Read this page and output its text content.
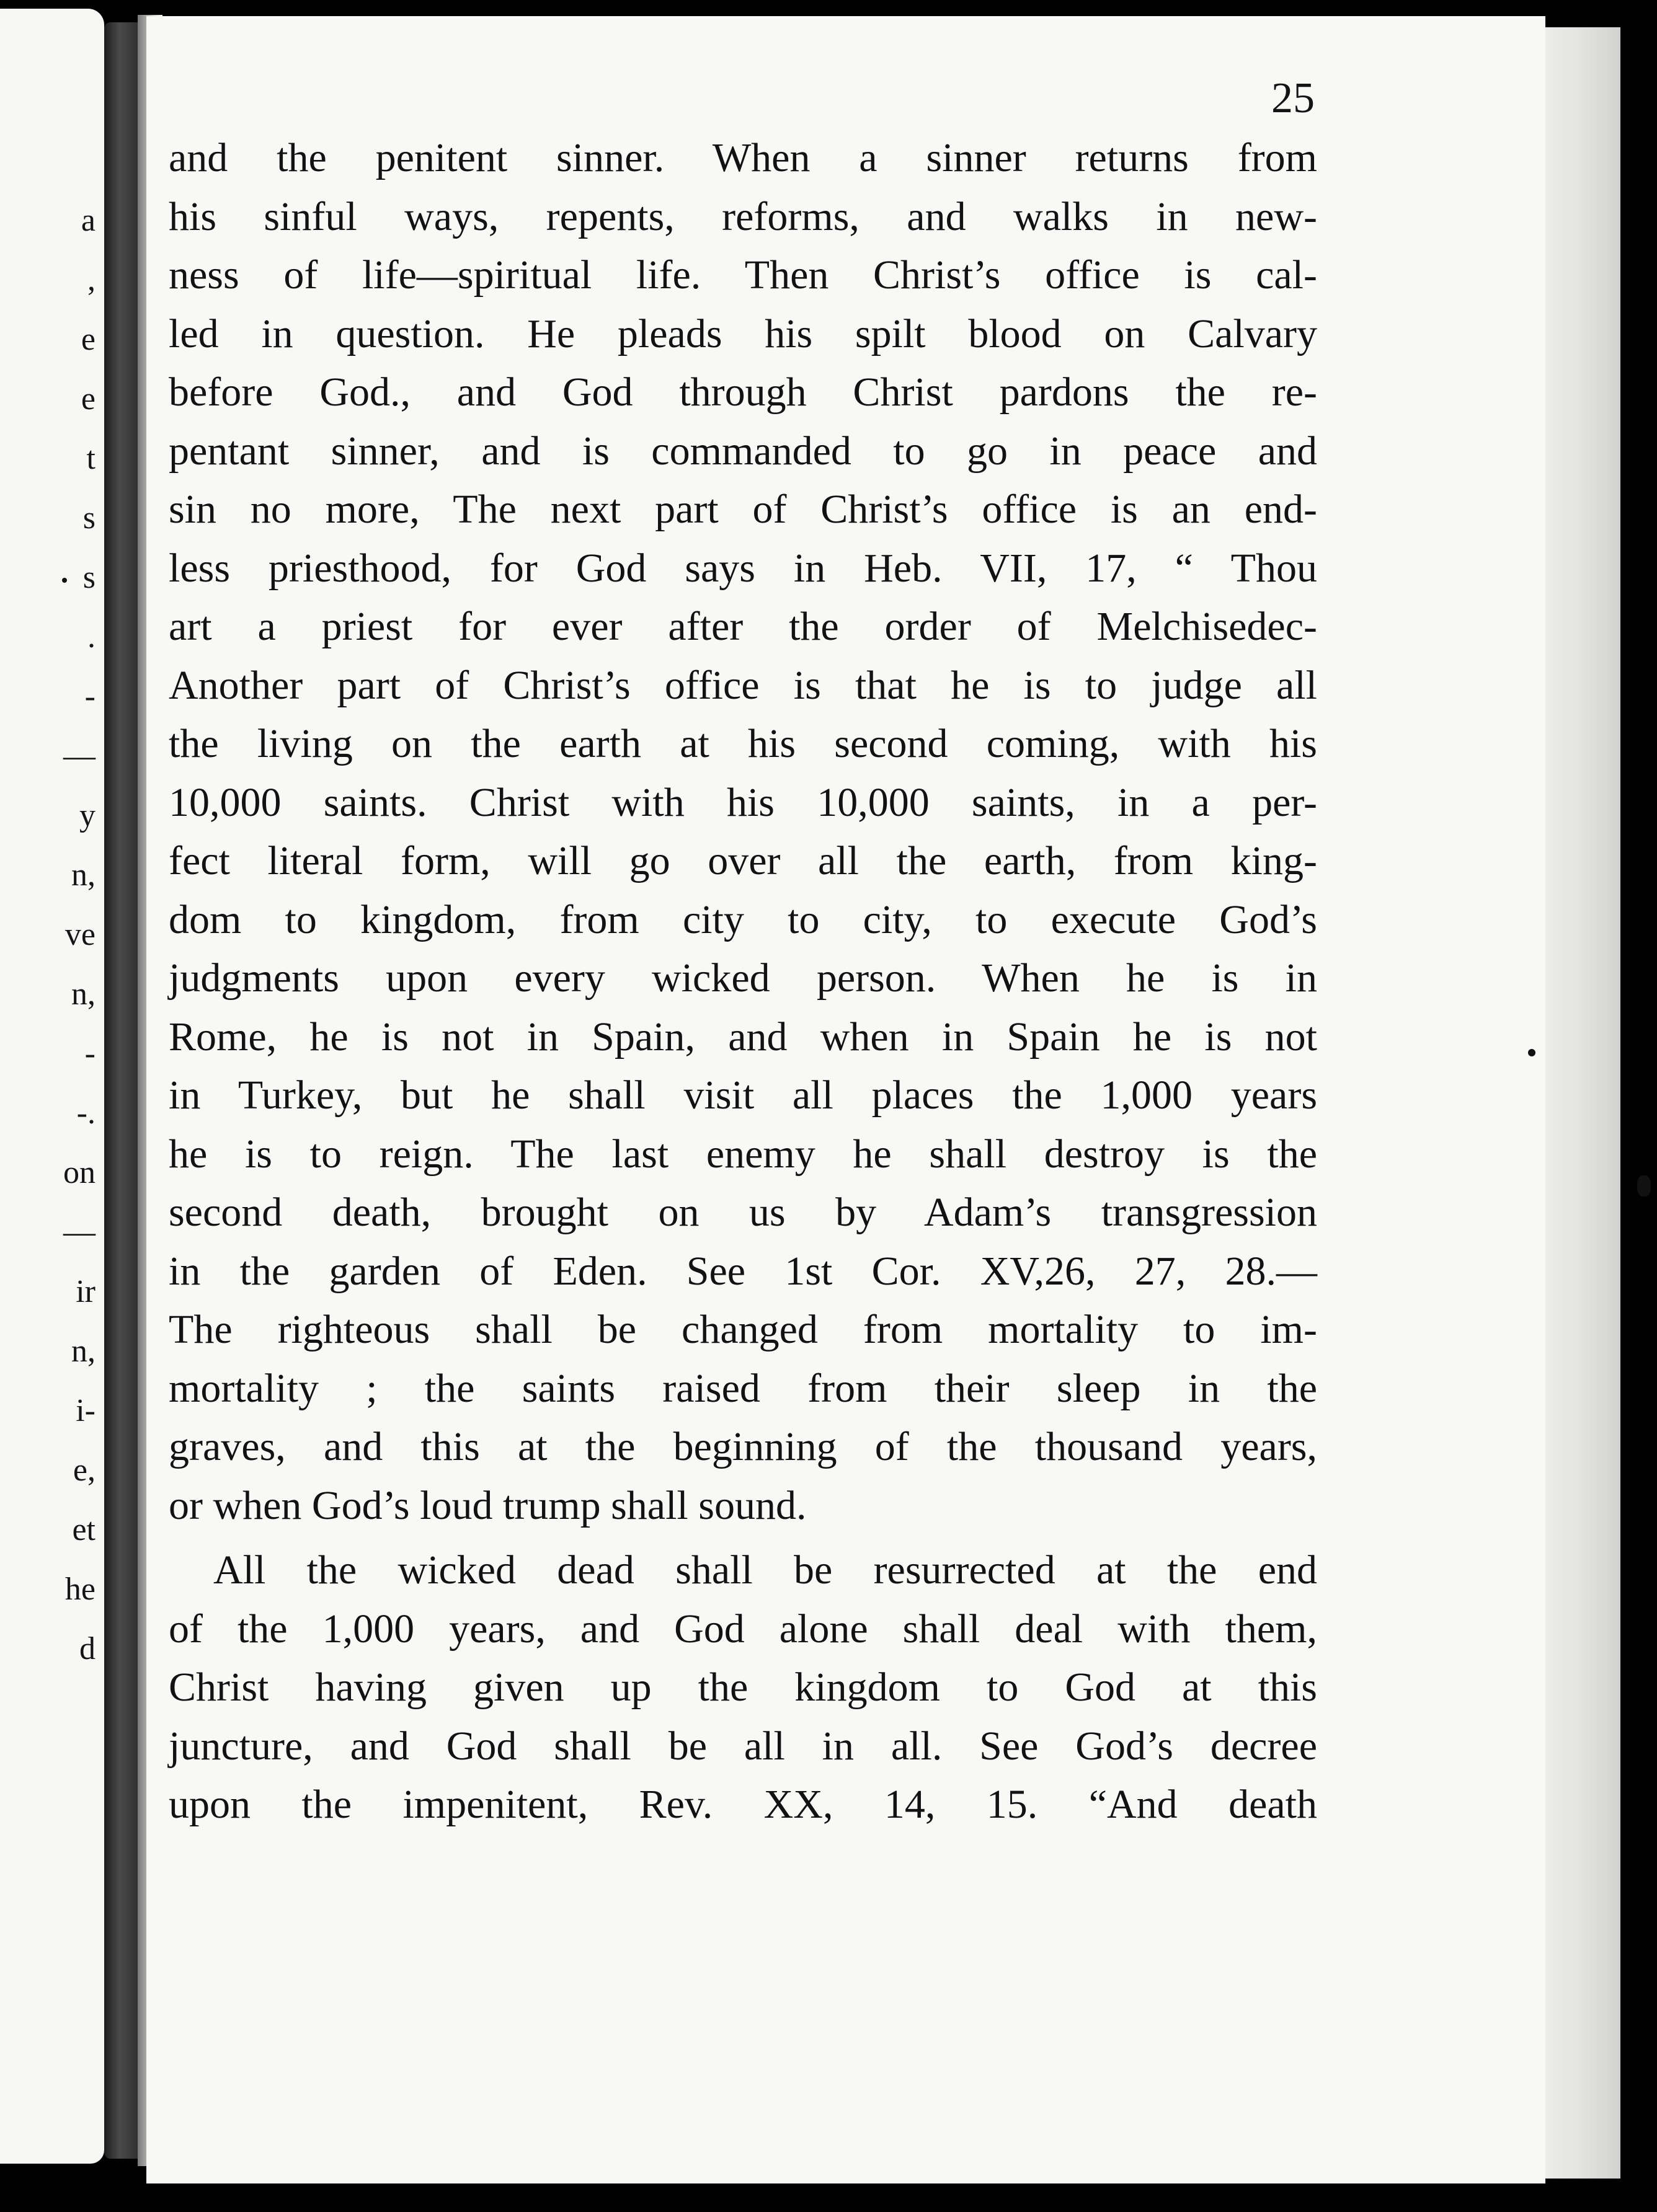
a
,
e
e
t
s
s
.
-
—
y
n,
ve
n,
-
-.
on
—
ir
n,
i-
e,
et
he
d
25
and the penitent sinner. When a sinner returns from
his sinful ways, repents, reforms, and walks in new-
ness of life—spiritual life. Then Christ’s office is cal-
led in question. He pleads his spilt blood on Calvary
before God., and God through Christ pardons the re-
pentant sinner, and is commanded to go in peace and
sin no more, The next part of Christ’s office is an end-
less priesthood, for God says in Heb. VII, 17, “ Thou
art a priest for ever after the order of Melchisedec-
Another part of Christ’s office is that he is to judge all
the living on the earth at his second coming, with his
10,000 saints. Christ with his 10,000 saints, in a per-
fect literal form, will go over all the earth, from king-
dom to kingdom, from city to city, to execute God’s
judgments upon every wicked person. When he is in
Rome, he is not in Spain, and when in Spain he is not
in Turkey, but he shall visit all places the 1,000 years
he is to reign. The last enemy he shall destroy is the
second death, brought on us by Adam’s transgression
in the garden of Eden. See 1st Cor. XV,26, 27, 28.—
The righteous shall be changed from mortality to im-
mortality ; the saints raised from their sleep in the
graves, and this at the beginning of the thousand years,
or when God’s loud trump shall sound.
All the wicked dead shall be resurrected at the end
of the 1,000 years, and God alone shall deal with them,
Christ having given up the kingdom to God at this
juncture, and God shall be all in all. See God’s decree
upon the impenitent, Rev. XX, 14, 15. “And death
